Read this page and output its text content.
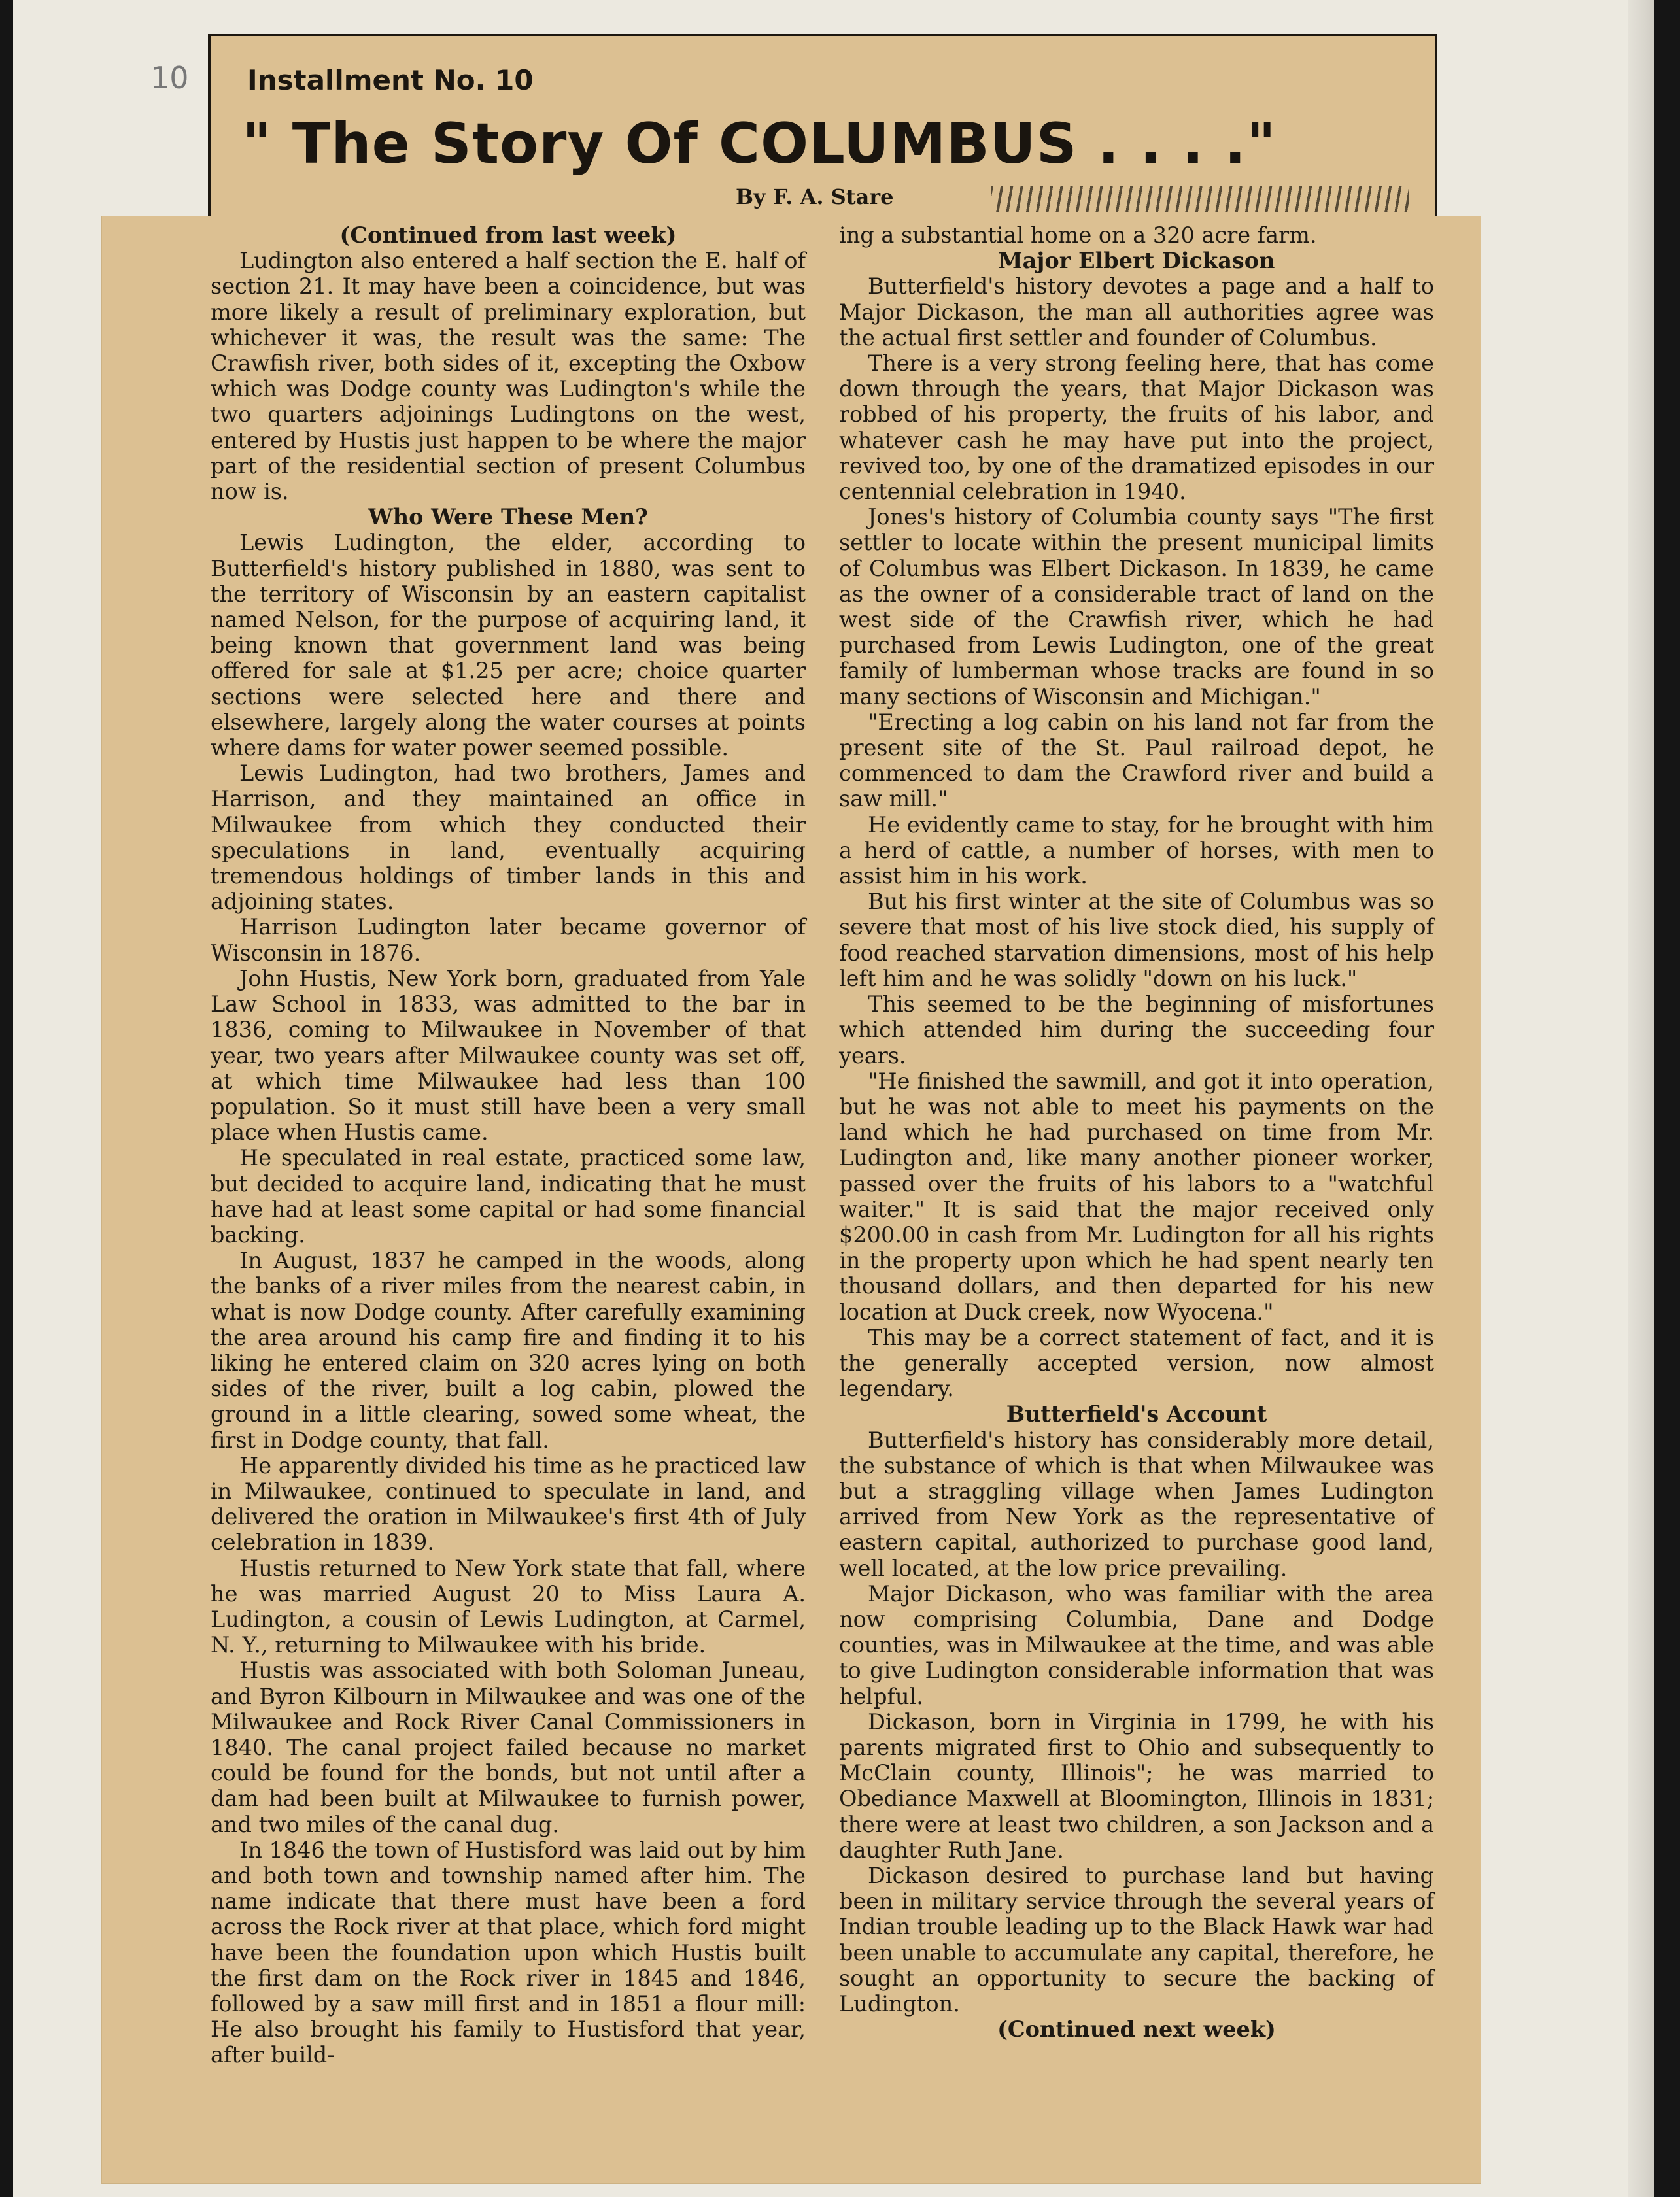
10 Installment No. 10
" The Story Of COLUMBUS . . . ."
By F. A. Stare

(Continued from last week)

Ludington also entered a half section the E. half of section 21. It may have been a coincidence, but was more likely a result of preliminary exploration, but whichever it was, the result was the same: The Crawfish river, both sides of it, excepting the Oxbow which was Dodge county was Ludington's while the two quarters adjoinings Ludingtons on the west, entered by Hustis just happen to be where the major part of the residential section of present Columbus now is.

Who Were These Men?

Lewis Ludington, the elder, according to Butterfield's history published in 1880, was sent to the territory of Wisconsin by an eastern capitalist named Nelson, for the purpose of acquiring land, it being known that government land was being offered for sale at $1.25 per acre; choice quarter sections were selected here and there and elsewhere, largely along the water courses at points where dams for water power seemed possible.

Lewis Ludington, had two brothers, James and Harrison, and they maintained an office in Milwaukee from which they conducted their speculations in land, eventually acquiring tremendous holdings of timber lands in this and adjoining states.

Harrison Ludington later became governor of Wisconsin in 1876.

John Hustis, New York born, graduated from Yale Law School in 1833, was admitted to the bar in 1836, coming to Milwaukee in November of that year, two years after Milwaukee county was set off, at which time Milwaukee had less than 100 population. So it must still have been a very small place when Hustis came.

He speculated in real estate, practiced some law, but decided to acquire land, indicating that he must have had at least some capital or had some financial backing.

In August, 1837 he camped in the woods, along the banks of a river miles from the nearest cabin, in what is now Dodge county. After carefully examining the area around his camp fire and finding it to his liking he entered claim on 320 acres lying on both sides of the river, built a log cabin, plowed the ground in a little clearing, sowed some wheat, the first in Dodge county, that fall.

He apparently divided his time as he practiced law in Milwaukee, continued to speculate in land, and delivered the oration in Milwaukee's first 4th of July celebration in 1839.

Hustis returned to New York state that fall, where he was married August 20 to Miss Laura A. Ludington, a cousin of Lewis Ludington, at Carmel, N. Y., returning to Milwaukee with his bride.

Hustis was associated with both Soloman Juneau, and Byron Kilbourn in Milwaukee and was one of the Milwaukee and Rock River Canal Commissioners in 1840. The canal project failed because no market could be found for the bonds, but not until after a dam had been built at Milwaukee to furnish power, and two miles of the canal dug.

In 1846 the town of Hustisford was laid out by him and both town and township named after him. The name indicate that there must have been a ford across the Rock river at that place, which ford might have been the foundation upon which Hustis built the first dam on the Rock river in 1845 and 1846, followed by a saw mill first and in 1851 a flour mill: He also brought his family to Hustisford that year, after build-

ing a substantial home on a 320 acre farm.

Major Elbert Dickason

Butterfield's history devotes a page and a half to Major Dickason, the man all authorities agree was the actual first settler and founder of Columbus.

There is a very strong feeling here, that has come down through the years, that Major Dickason was robbed of his property, the fruits of his labor, and whatever cash he may have put into the project, revived too, by one of the dramatized episodes in our centennial celebration in 1940.

Jones's history of Columbia county says "The first settler to locate within the present municipal limits of Columbus was Elbert Dickason. In 1839, he came as the owner of a considerable tract of land on the west side of the Crawfish river, which he had purchased from Lewis Ludington, one of the great family of lumberman whose tracks are found in so many sections of Wisconsin and Michigan."

"Erecting a log cabin on his land not far from the present site of the St. Paul railroad depot, he commenced to dam the Crawford river and build a saw mill."

He evidently came to stay, for he brought with him a herd of cattle, a number of horses, with men to assist him in his work.

But his first winter at the site of Columbus was so severe that most of his live stock died, his supply of food reached starvation dimensions, most of his help left him and he was solidly "down on his luck."

This seemed to be the beginning of misfortunes which attended him during the succeeding four years.

"He finished the sawmill, and got it into operation, but he was not able to meet his payments on the land which he had purchased on time from Mr. Ludington and, like many another pioneer worker, passed over the fruits of his labors to a "watchful waiter." It is said that the major received only $200.00 in cash from Mr. Ludington for all his rights in the property upon which he had spent nearly ten thousand dollars, and then departed for his new location at Duck creek, now Wyocena."

This may be a correct statement of fact, and it is the generally accepted version, now almost legendary.

Butterfield's Account

Butterfield's history has considerably more detail, the substance of which is that when Milwaukee was but a straggling village when James Ludington arrived from New York as the representative of eastern capital, authorized to purchase good land, well located, at the low price prevailing.

Major Dickason, who was familiar with the area now comprising Columbia, Dane and Dodge counties, was in Milwaukee at the time, and was able to give Ludington considerable information that was helpful.

Dickason, born in Virginia in 1799, he with his parents migrated first to Ohio and subsequently to McClain county, Illinois"; he was married to Obediance Maxwell at Bloomington, Illinois in 1831; there were at least two children, a son Jackson and a daughter Ruth Jane.

Dickason desired to purchase land but having been in military service through the several years of Indian trouble leading up to the Black Hawk war had been unable to accumulate any capital, therefore, he sought an opportunity to secure the backing of Ludington.

(Continued next week)
